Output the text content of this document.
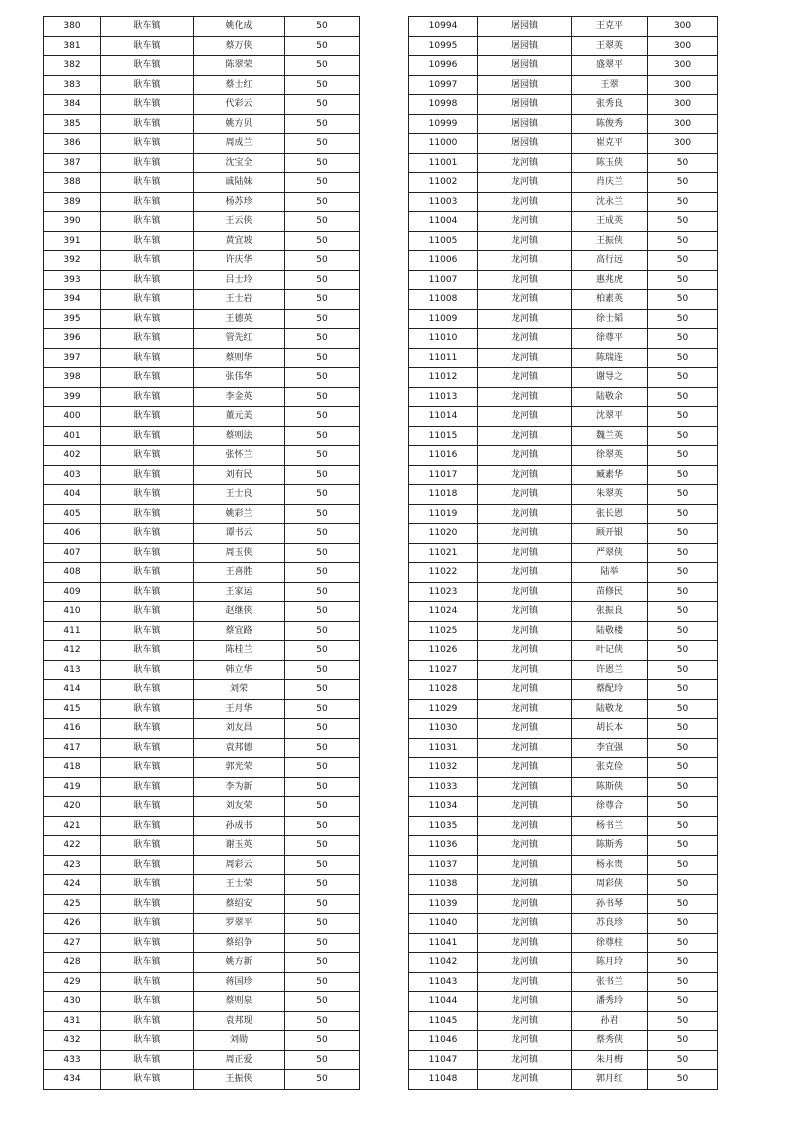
380	耿车镇	姚化成	50
381	耿车镇	蔡万侠	50
382	耿车镇	陈翠荣	50
383	耿车镇	蔡士红	50
384	耿车镇	代彩云	50
385	耿车镇	姚方贝	50
386	耿车镇	周成兰	50
387	耿车镇	沈宝全	50
388	耿车镇	戚陆妹	50
389	耿车镇	杨苏珍	50
390	耿车镇	王云侠	50
391	耿车镇	黄宜坡	50
392	耿车镇	许庆华	50
393	耿车镇	吕士玲	50
394	耿车镇	王士岩	50
395	耿车镇	王德英	50
396	耿车镇	管先红	50
397	耿车镇	蔡则华	50
398	耿车镇	张伟华	50
399	耿车镇	李金英	50
400	耿车镇	董元美	50
401	耿车镇	蔡则法	50
402	耿车镇	张怀兰	50
403	耿车镇	刘有民	50
404	耿车镇	王士良	50
405	耿车镇	姚彩兰	50
406	耿车镇	谭书云	50
407	耿车镇	周玉侠	50
408	耿车镇	王喜胜	50
409	耿车镇	王家运	50
410	耿车镇	赵继侠	50
411	耿车镇	蔡宜路	50
412	耿车镇	陈桂兰	50
413	耿车镇	韩立华	50
414	耿车镇	刘荣	50
415	耿车镇	王月华	50
416	耿车镇	刘友昌	50
417	耿车镇	袁邦德	50
418	耿车镇	郭光荣	50
419	耿车镇	李为新	50
420	耿车镇	刘友荣	50
421	耿车镇	孙成书	50
422	耿车镇	谢玉英	50
423	耿车镇	周彩云	50
424	耿车镇	王士荣	50
425	耿车镇	蔡绍安	50
426	耿车镇	罗翠平	50
427	耿车镇	蔡绍争	50
428	耿车镇	姚方新	50
429	耿车镇	蒋国珍	50
430	耿车镇	蔡则泉	50
431	耿车镇	袁邦现	50
432	耿车镇	刘勋	50
433	耿车镇	周正爱	50
434	耿车镇	王振侠	50
10994	屠园镇	王克平	300
10995	屠园镇	王翠英	300
10996	屠园镇	盛翠平	300
10997	屠园镇	王翠	300
10998	屠园镇	张秀良	300
10999	屠园镇	陈俊秀	300
11000	屠园镇	崔克平	300
11001	龙河镇	陈玉侠	50
11002	龙河镇	肖庆兰	50
11003	龙河镇	沈永兰	50
11004	龙河镇	王成英	50
11005	龙河镇	王振侠	50
11006	龙河镇	高行远	50
11007	龙河镇	惠兆虎	50
11008	龙河镇	柏素英	50
11009	龙河镇	徐士韬	50
11010	龙河镇	徐尊平	50
11011	龙河镇	陈瑞连	50
11012	龙河镇	谢导之	50
11013	龙河镇	陆敬余	50
11014	龙河镇	沈翠平	50
11015	龙河镇	魏兰英	50
11016	龙河镇	徐翠英	50
11017	龙河镇	臧素华	50
11018	龙河镇	朱翠英	50
11019	龙河镇	张长恩	50
11020	龙河镇	顾开银	50
11021	龙河镇	严翠侠	50
11022	龙河镇	陆举	50
11023	龙河镇	苗修民	50
11024	龙河镇	张振良	50
11025	龙河镇	陆敬楼	50
11026	龙河镇	叶记侠	50
11027	龙河镇	许恩兰	50
11028	龙河镇	蔡配玲	50
11029	龙河镇	陆敬龙	50
11030	龙河镇	胡长本	50
11031	龙河镇	李宜强	50
11032	龙河镇	张克俭	50
11033	龙河镇	陈斯侠	50
11034	龙河镇	徐尊合	50
11035	龙河镇	杨书兰	50
11036	龙河镇	陈斯秀	50
11037	龙河镇	杨永贵	50
11038	龙河镇	周彩侠	50
11039	龙河镇	孙书琴	50
11040	龙河镇	苏良珍	50
11041	龙河镇	徐尊柱	50
11042	龙河镇	陈月玲	50
11043	龙河镇	张书兰	50
11044	龙河镇	潘秀玲	50
11045	龙河镇	孙君	50
11046	龙河镇	蔡秀侠	50
11047	龙河镇	朱月梅	50
11048	龙河镇	郭月红	50
